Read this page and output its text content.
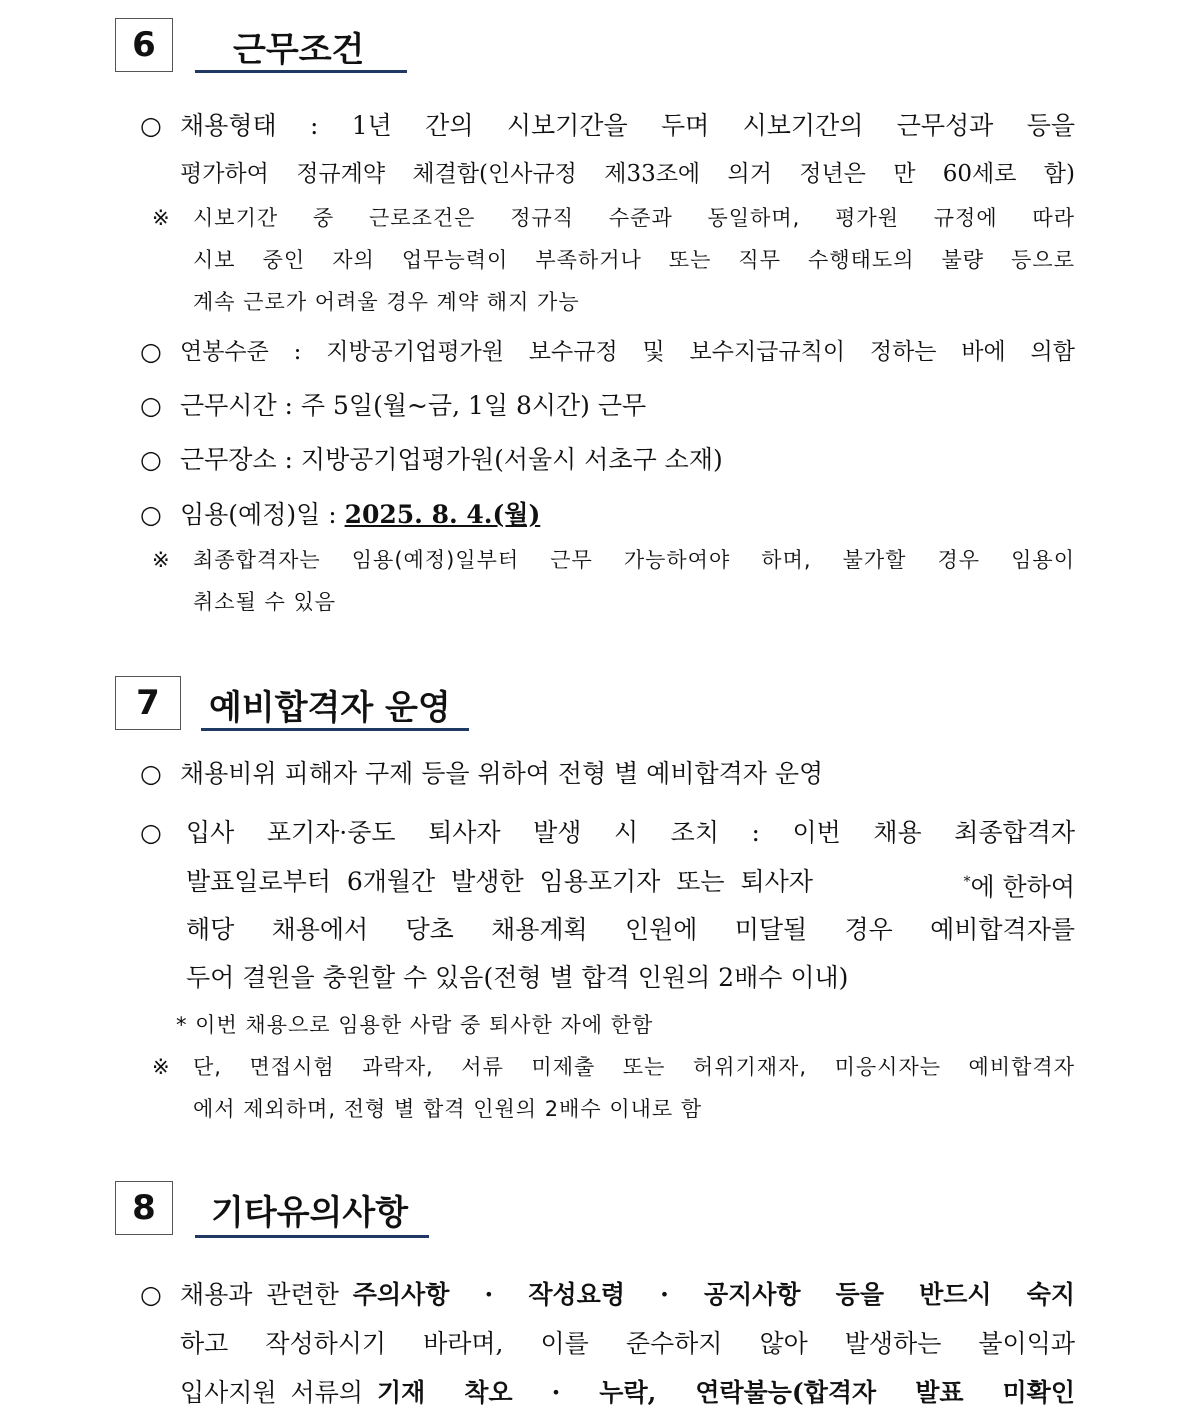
6	근무조건
○ 채용형태 : 1년 간의 시보기간을 두며 시보기간의 근무성과 등을
평가하여 정규계약 체결함(인사규정 제33조에 의거 정년은 만 60세로 함)
※ 시보기간 중 근로조건은 정규직 수준과 동일하며, 평가원 규정에 따라
시보 중인 자의 업무능력이 부족하거나 또는 직무 수행태도의 불량 등으로
계속 근로가 어려울 경우 계약 해지 가능
○ 연봉수준 : 지방공기업평가원 보수규정 및 보수지급규칙이 정하는 바에 의함
○ 근무시간 : 주 5일(월~금, 1일 8시간) 근무
○ 근무장소 : 지방공기업평가원(서울시 서초구 소재)
○ 임용(예정)일 : 2025. 8. 4.(월)
※ 최종합격자는 임용(예정)일부터 근무 가능하여야 하며, 불가할 경우 임용이
취소될 수 있음
7	예비합격자 운영
○ 채용비위 피해자 구제 등을 위하여 전형 별 예비합격자 운영
○ 입사 포기자·중도 퇴사자 발생 시 조치 : 이번 채용 최종합격자
발표일로부터 6개월간 발생한 임용포기자 또는 퇴사자	*에 한하여
해당 채용에서 당초 채용계획 인원에 미달될 경우 예비합격자를
두어 결원을 충원할 수 있음(전형 별 합격 인원의 2배수 이내)
* 이번 채용으로 임용한 사람 중 퇴사한 자에 한함
※ 단, 면접시험 과락자, 서류 미제출 또는 허위기재자, 미응시자는 예비합격자
에서 제외하며, 전형 별 합격 인원의 2배수 이내로 함
8	기타유의사항
○ 채용과 관련한 주의사항 · 작성요령 · 공지사항 등을 반드시 숙지
하고 작성하시기 바라며, 이를 준수하지 않아 발생하는 불이익과
입사지원 서류의 기재 착오 · 누락, 연락불능(합격자 발표 미확인
